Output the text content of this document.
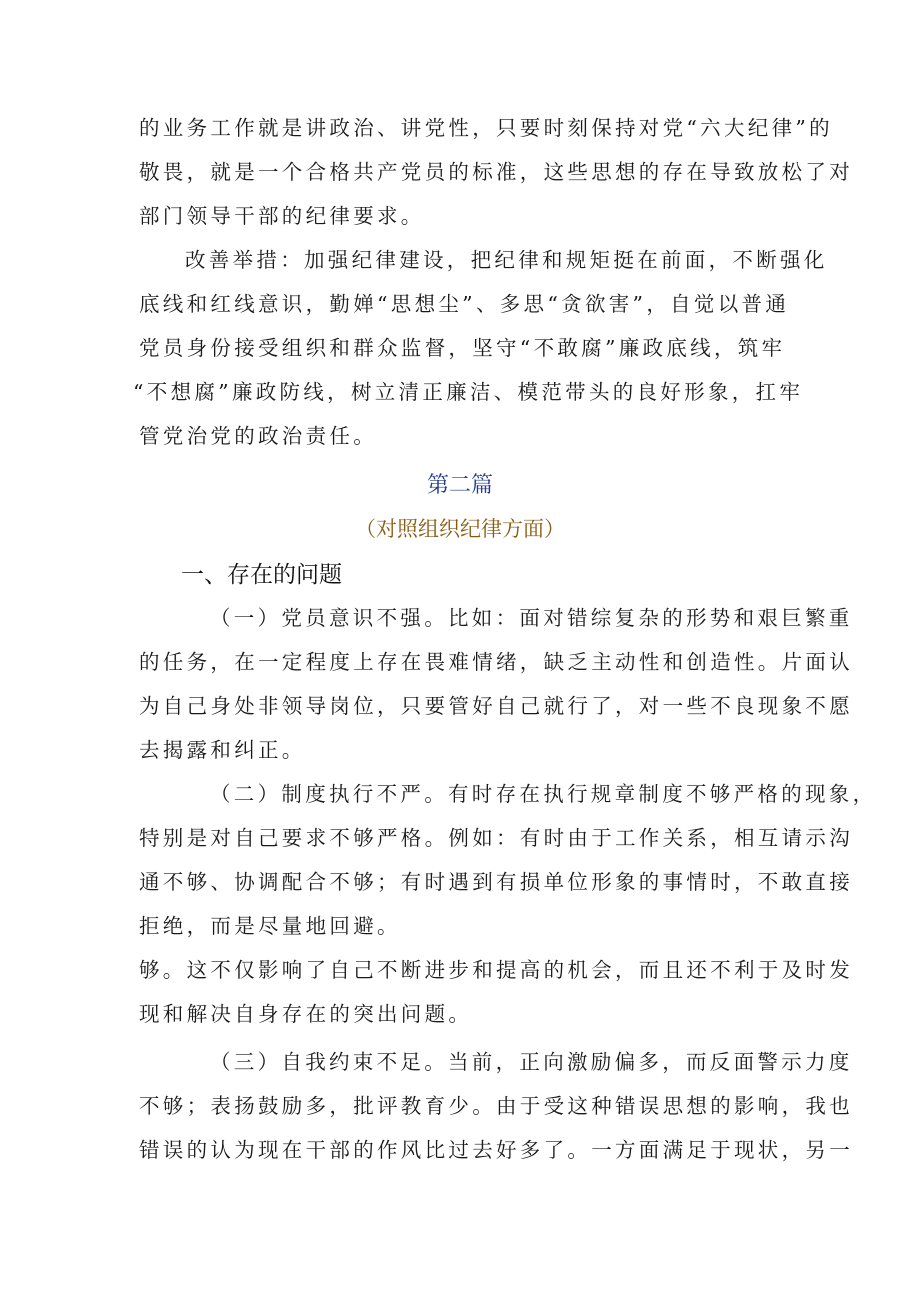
的业务工作就是讲政治、讲党性，只要时刻保持对党“六大纪律”的
敬畏，就是一个合格共产党员的标准，这些思想的存在导致放松了对
部门领导干部的纪律要求。
改善举措：加强纪律建设，把纪律和规矩挺在前面，不断强化
底线和红线意识，勤婵“思想尘”、多思“贪欲害”，自觉以普通
党员身份接受组织和群众监督，坚守“不敢腐”廉政底线，筑牢
“不想腐”廉政防线，树立清正廉洁、模范带头的良好形象，扛牢
管党治党的政治责任。
第二篇
（对照组织纪律方面）
一、存在的问题
（一）党员意识不强。比如：面对错综复杂的形势和艰巨繁重
的任务，在一定程度上存在畏难情绪，缺乏主动性和创造性。片面认
为自己身处非领导岗位，只要管好自己就行了，对一些不良现象不愿
去揭露和纠正。
（二）制度执行不严。有时存在执行规章制度不够严格的现象，
特别是对自己要求不够严格。例如：有时由于工作关系，相互请示沟
通不够、协调配合不够；有时遇到有损单位形象的事情时，不敢直接
拒绝，而是尽量地回避。
够。这不仅影响了自己不断进步和提高的机会，而且还不利于及时发
现和解决自身存在的突出问题。
（三）自我约束不足。当前，正向激励偏多，而反面警示力度
不够；表扬鼓励多，批评教育少。由于受这种错误思想的影响，我也
错误的认为现在干部的作风比过去好多了。一方面满足于现状，另一
